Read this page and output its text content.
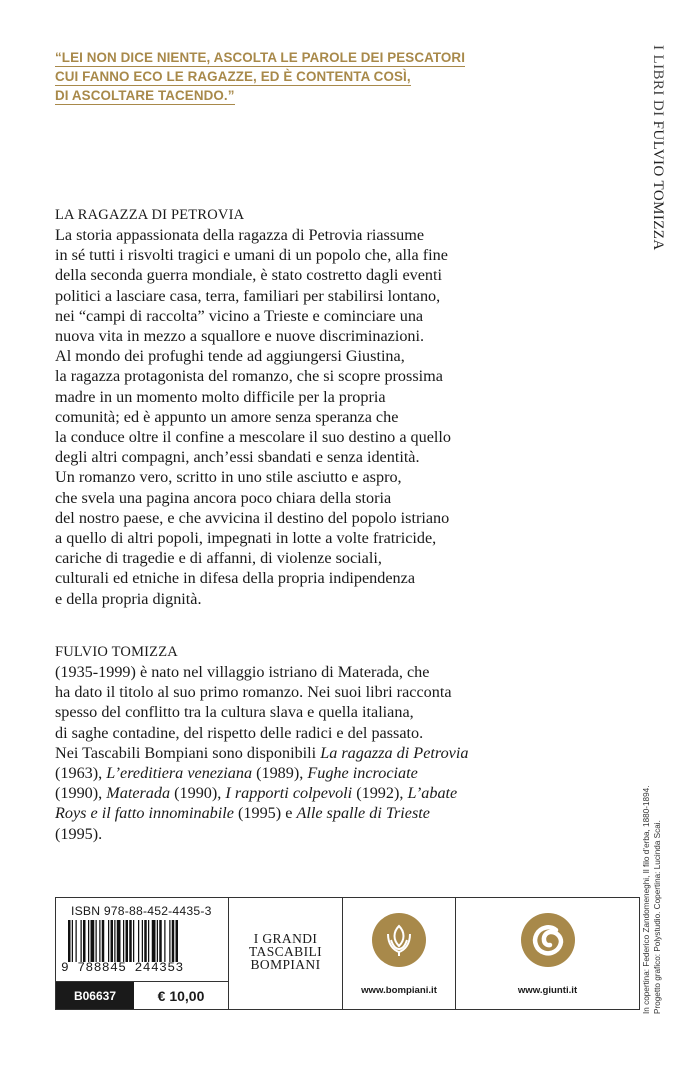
“LEI NON DICE NIENTE, ASCOLTA LE PAROLE DEI PESCATORI
CUI FANNO ECO LE RAGAZZE, ED È CONTENTA COSÌ,
DI ASCOLTARE TACENDO.”	I LIBRI DI FULVIO TOMIZZA
LA RAGAZZA DI PETROVIA
La storia appassionata della ragazza di Petrovia riassume
in sé tutti i risvolti tragici e umani di un popolo che, alla fine
della seconda guerra mondiale, è stato costretto dagli eventi
politici a lasciare casa, terra, familiari per stabilirsi lontano,
nei “campi di raccolta” vicino a Trieste e cominciare una
nuova vita in mezzo a squallore e nuove discriminazioni.
Al mondo dei profughi tende ad aggiungersi Giustina,
la ragazza protagonista del romanzo, che si scopre prossima
madre in un momento molto difficile per la propria
comunità; ed è appunto un amore senza speranza che
la conduce oltre il confine a mescolare il suo destino a quello
degli altri compagni, anch’essi sbandati e senza identità.
Un romanzo vero, scritto in uno stile asciutto e aspro,
che svela una pagina ancora poco chiara della storia
del nostro paese, e che avvicina il destino del popolo istriano
a quello di altri popoli, impegnati in lotte a volte fratricide,
cariche di tragedie e di affanni, di violenze sociali,
culturali ed etniche in difesa della propria indipendenza
e della propria dignità.
FULVIO TOMIZZA
(1935-1999) è nato nel villaggio istriano di Materada, che
ha dato il titolo al suo primo romanzo. Nei suoi libri racconta
spesso del conflitto tra la cultura slava e quella italiana,
di saghe contadine, del rispetto delle radici e del passato.
Nei Tascabili Bompiani sono disponibili La ragazza di Petrovia
(1963), L’ereditiera veneziana (1989), Fughe incrociate
(1990), Materada (1990), I rapporti colpevoli (1992), L’abate
Roys e il fatto innominabile (1995) e Alle spalle di Trieste
(1995).	In copertina: Federico Zandomeneghi, Il filo d’erba, 1880-1894. Progetto grafico: Polystudio. Copertina: Lucinda Scai.
ISBN 978-88-452-4435-3
9 788845 244353
B06637	€ 10,00
I GRANDI
TASCABILI
BOMPIANI
www.bompiani.it	www.giunti.it
